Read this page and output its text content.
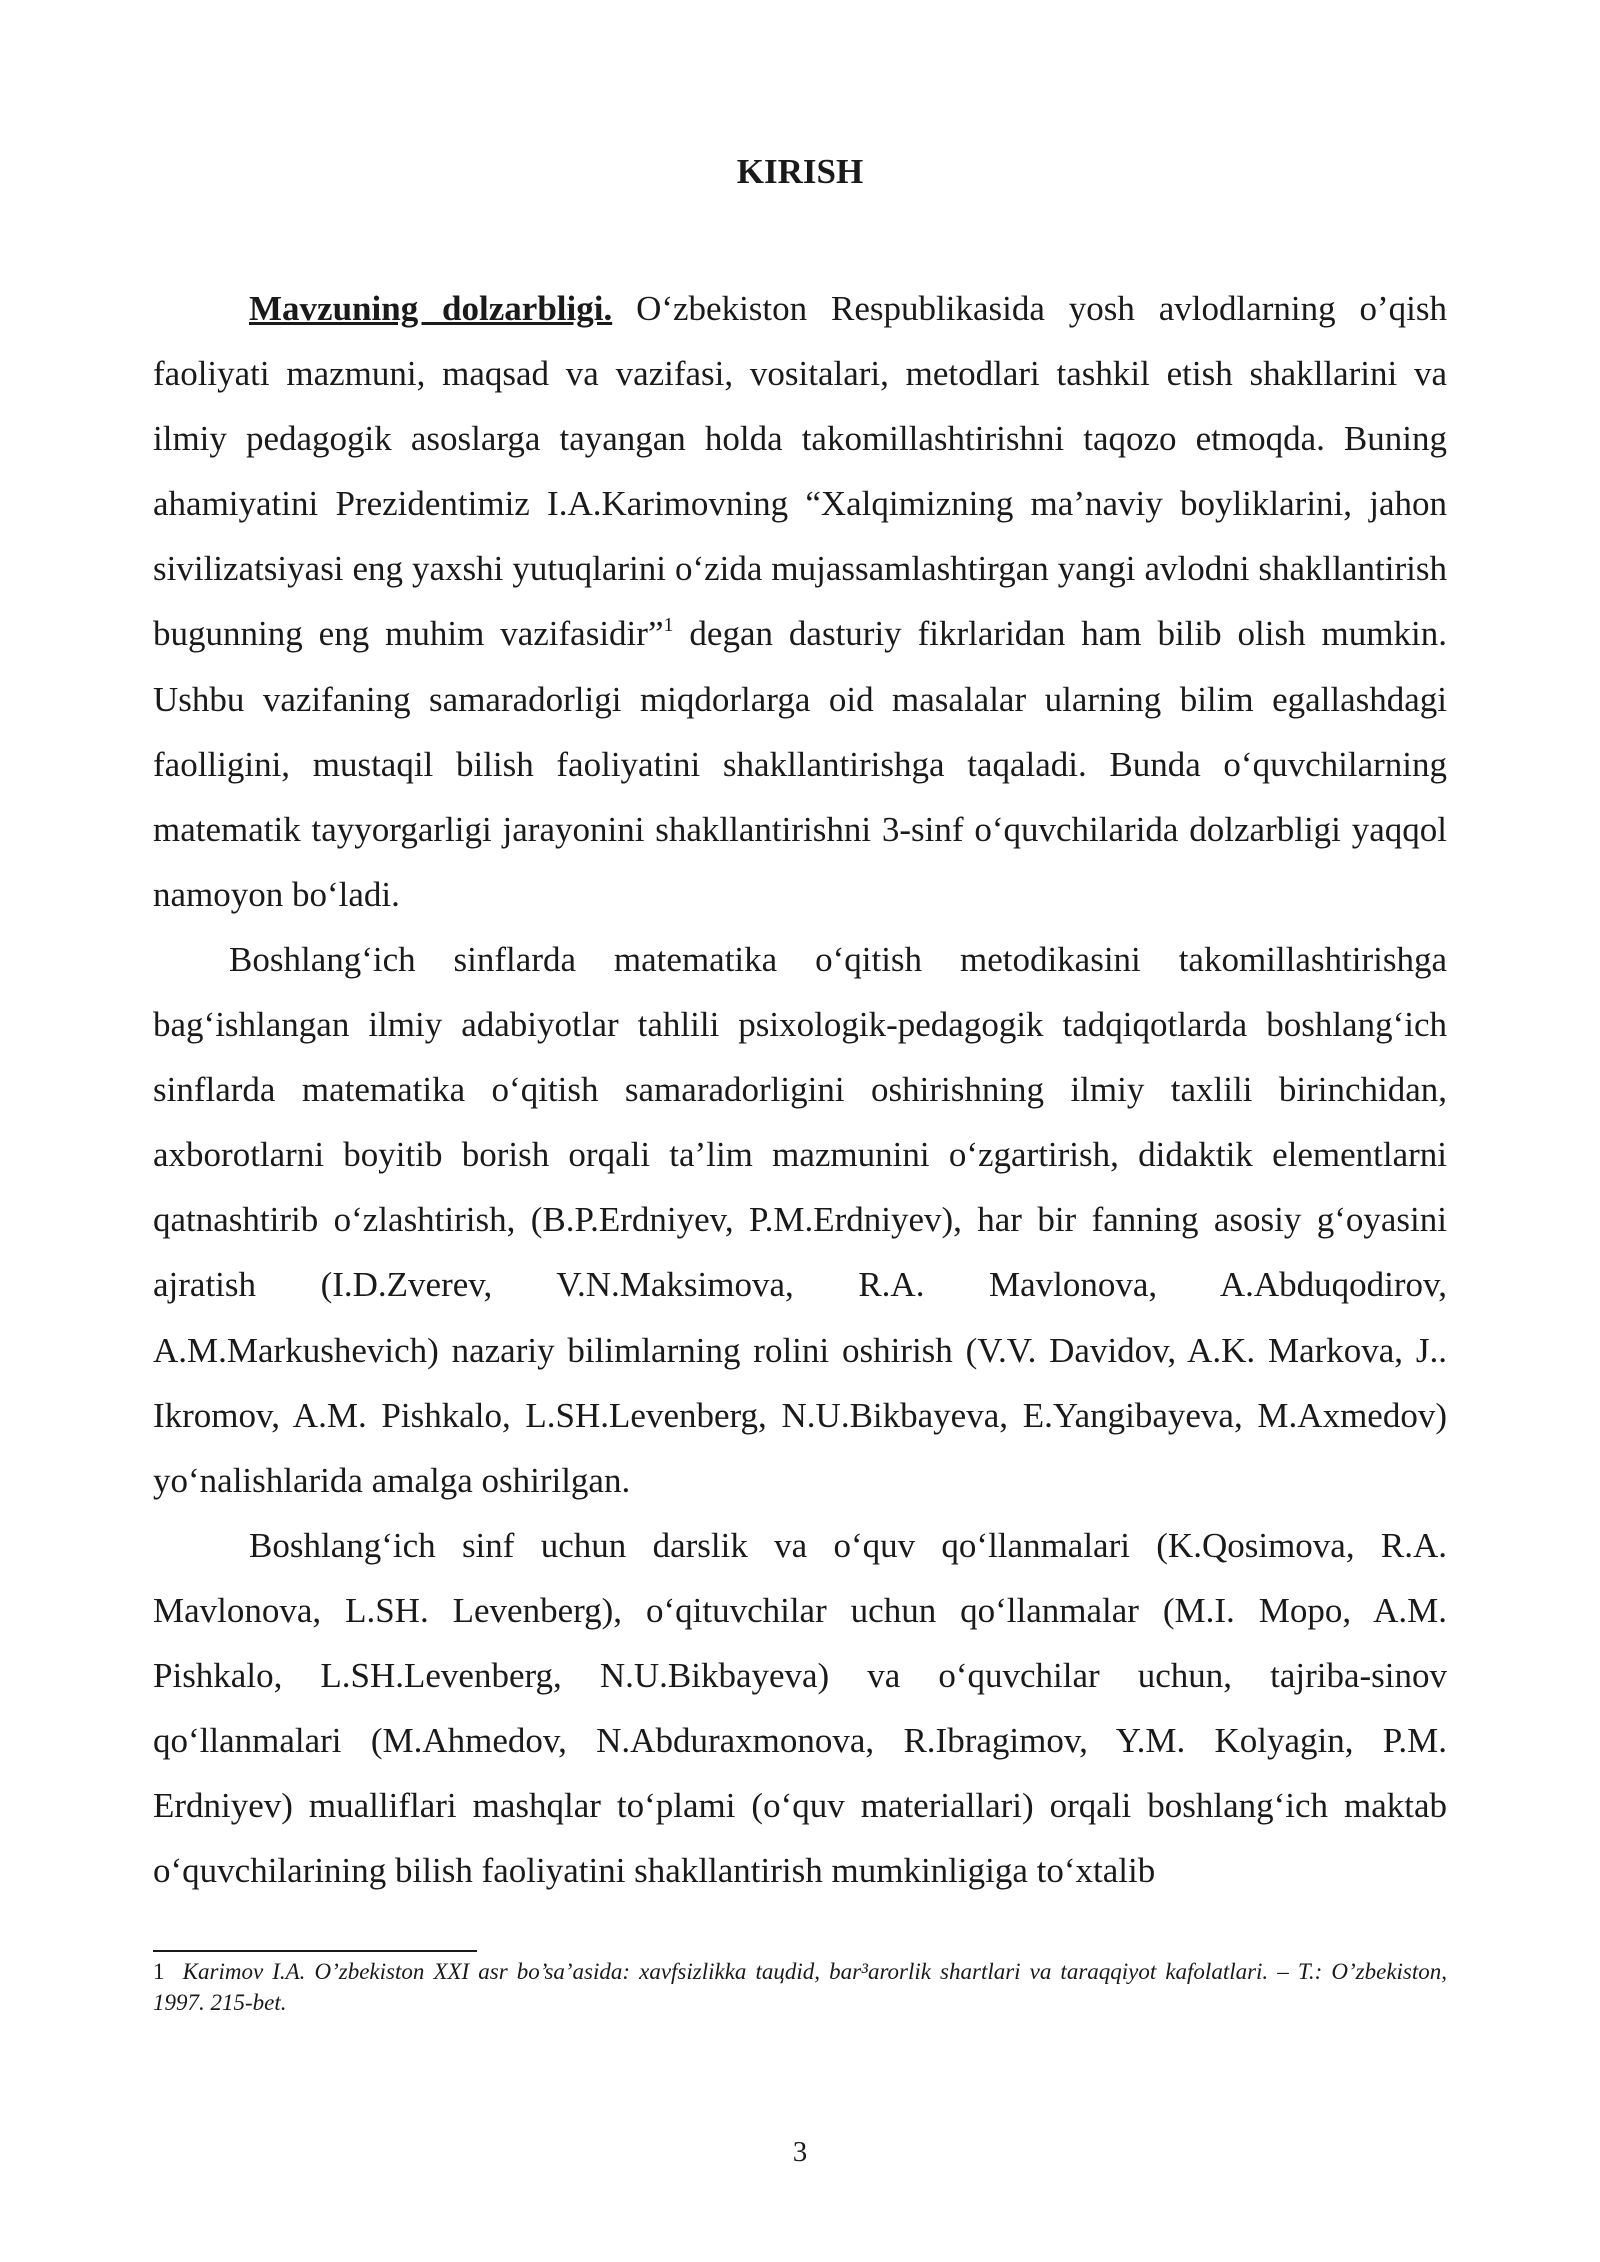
KIRISH

Mavzuning dolzarbligi. O‘zbekiston Respublikasida yosh avlodlarning o’qish faoliyati mazmuni, maqsad va vazifasi, vositalari, metodlari tashkil etish shakllarini va ilmiy pedagogik asoslarga tayangan holda takomillashtirishni taqozo etmoqda. Buning ahamiyatini Prezidentimiz I.A.Karimovning “Xalqimizning ma’naviy boyliklarini, jahon sivilizatsiyasi eng yaxshi yutuqlarini o‘zida mujassamlashtirgan yangi avlodni shakllantirish bugunning eng muhim vazifasidir”$^1$ degan dasturiy fikrlaridan ham bilib olish mumkin. Ushbu vazifaning samaradorligi miqdorlarga oid masalalar ularning bilim egallashdagi faolligini, mustaqil bilish faoliyatini shakllantirishga taqaladi. Bunda o‘quvchilarning matematik tayyorgarligi jarayonini shakllantirishni 3-sinf o‘quvchilarida dolzarbligi yaqqol namoyon bo‘ladi.

Boshlang‘ich sinflarda matematika o‘qitish metodikasini takomillashtirishga bag‘ishlangan ilmiy adabiyotlar tahlili psixologik-pedagogik tadqiqotlarda boshlang‘ich sinflarda matematika o‘qitish samaradorligini oshirishning ilmiy taxlili birinchidan, axborotlarni boyitib borish orqali ta’lim mazmunini o‘zgartirish, didaktik elementlarni qatnashtirib o‘zlashtirish, (B.P.Erdniyev, P.M.Erdniyev), har bir fanning asosiy g‘oyasini ajratish (I.D.Zverev, V.N.Maksimova, R.A. Mavlonova, A.Abduqodirov, A.M.Markushevich) nazariy bilimlarning rolini oshirish (V.V. Davidov, A.K. Markova, J.. Ikromov, A.M. Pishkalo, L.SH.Levenberg, N.U.Bikbayeva, E.Yangibayeva, M.Axmedov) yo‘nalishlarida amalga oshirilgan.

Boshlang‘ich sinf uchun darslik va o‘quv qo‘llanmalari (K.Qosimova, R.A. Mavlonova, L.SH. Levenberg), o‘qituvchilar uchun qo‘llanmalar (M.I. Mopo, A.M. Pishkalo, L.SH.Levenberg, N.U.Bikbayeva) va o‘quvchilar uchun, tajriba-sinov qo‘llanmalari (M.Ahmedov, N.Abduraxmonova, R.Ibragimov, Y.M. Kolyagin, P.M. Erdniyev) mualliflari mashqlar to‘plami (o‘quv materiallari) orqali boshlang‘ich maktab o‘quvchilarining bilish faoliyatini shakllantirish mumkinligiga to‘xtalib

1 Karimov I.A. O’zbekiston XXI asr bo’sa’asida: xavfsizlikka taцdid, bar³arorlik shartlari va taraqqiyot kafolatlari. – T.: O’zbekiston, 1997. 215-bet.

3
